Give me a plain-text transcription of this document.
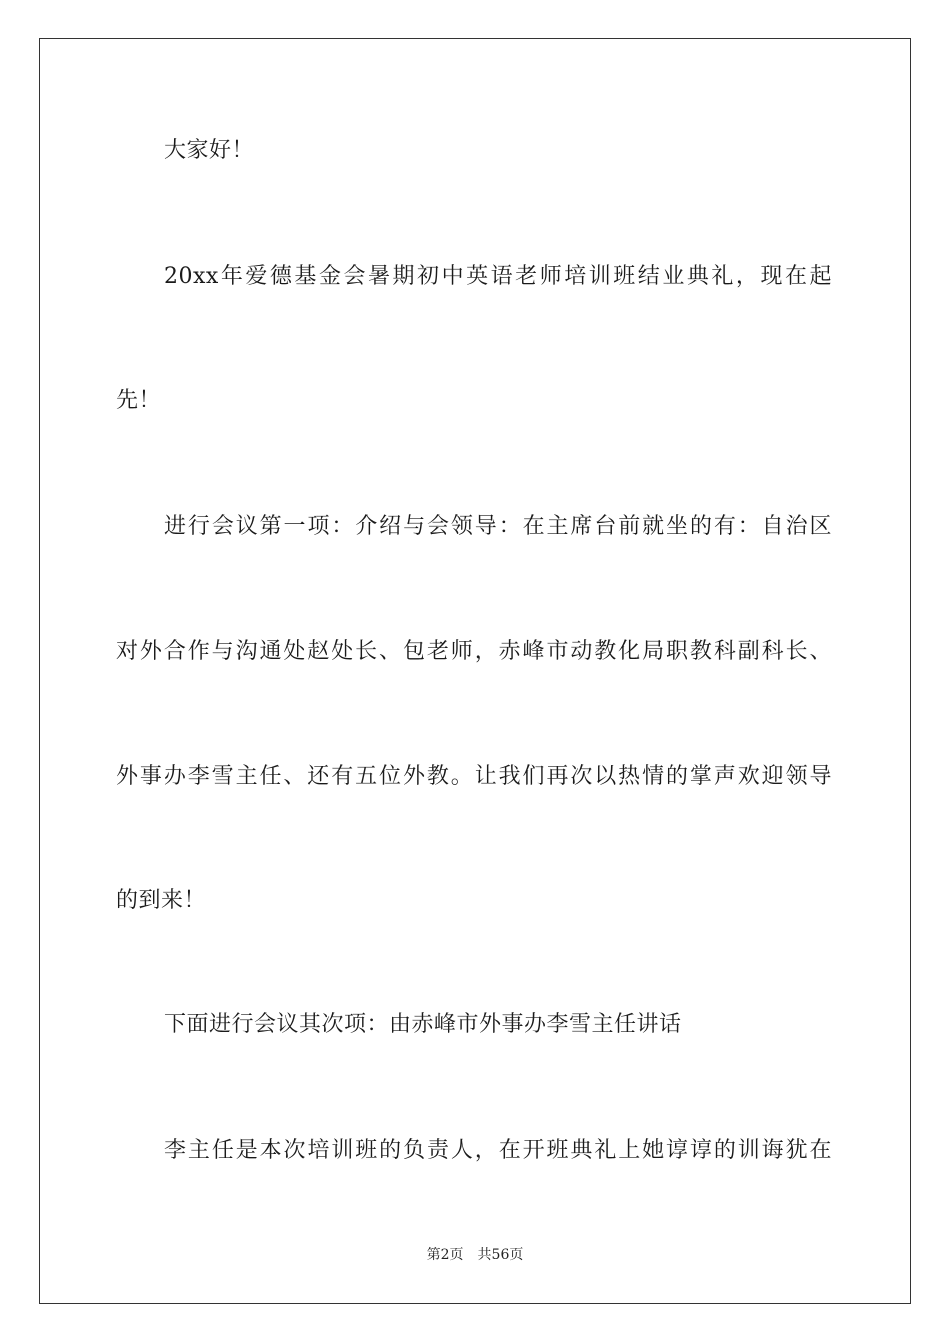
大家好！
20xx年爱德基金会暑期初中英语老师培训班结业典礼，现在起
先！
进行会议第一项：介绍与会领导：在主席台前就坐的有：自治区
对外合作与沟通处赵处长、包老师，赤峰市动教化局职教科副科长、
外事办李雪主任、还有五位外教。让我们再次以热情的掌声欢迎领导
的到来！
下面进行会议其次项：由赤峰市外事办李雪主任讲话
李主任是本次培训班的负责人，在开班典礼上她谆谆的训诲犹在
第2页 共56页
